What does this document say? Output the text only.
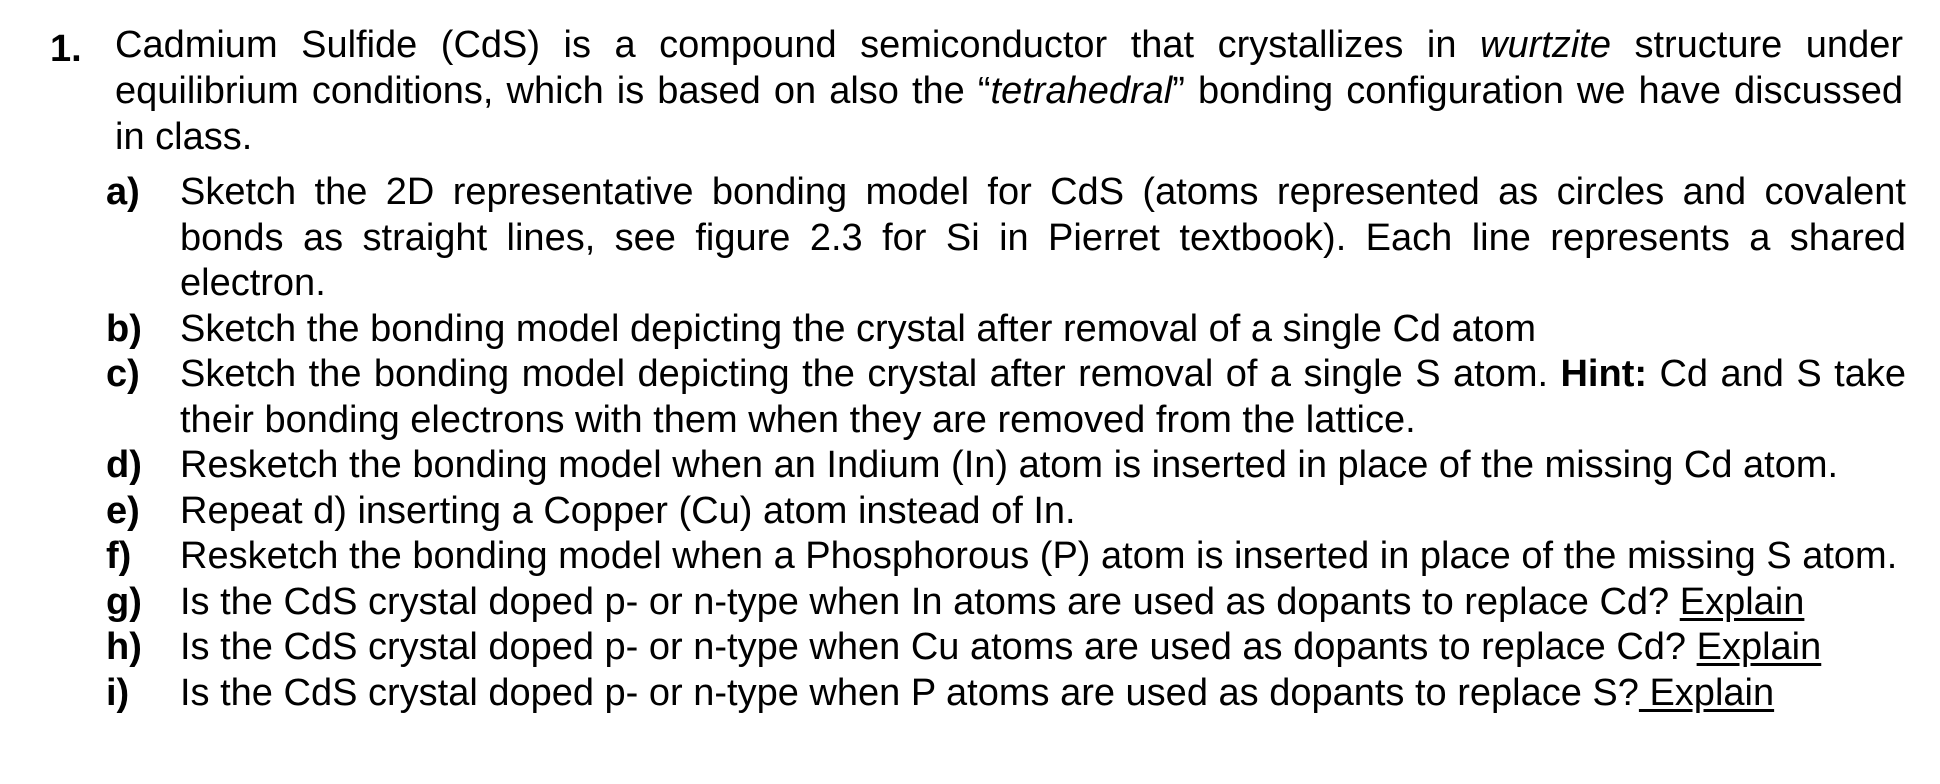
1. Cadmium Sulfide (CdS) is a compound semiconductor that crystallizes in wurtzite structure under equilibrium conditions, which is based on also the “tetrahedral” bonding configuration we have discussed in class.
a) Sketch the 2D representative bonding model for CdS (atoms represented as circles and covalent bonds as straight lines, see figure 2.3 for Si in Pierret textbook). Each line represents a shared electron.
b) Sketch the bonding model depicting the crystal after removal of a single Cd atom
c) Sketch the bonding model depicting the crystal after removal of a single S atom. Hint: Cd and S take their bonding electrons with them when they are removed from the lattice.
d) Resketch the bonding model when an Indium (In) atom is inserted in place of the missing Cd atom.
e) Repeat d) inserting a Copper (Cu) atom instead of In.
f) Resketch the bonding model when a Phosphorous (P) atom is inserted in place of the missing S atom.
g) Is the CdS crystal doped p- or n-type when In atoms are used as dopants to replace Cd? Explain
h) Is the CdS crystal doped p- or n-type when Cu atoms are used as dopants to replace Cd? Explain
i) Is the CdS crystal doped p- or n-type when P atoms are used as dopants to replace S? Explain
